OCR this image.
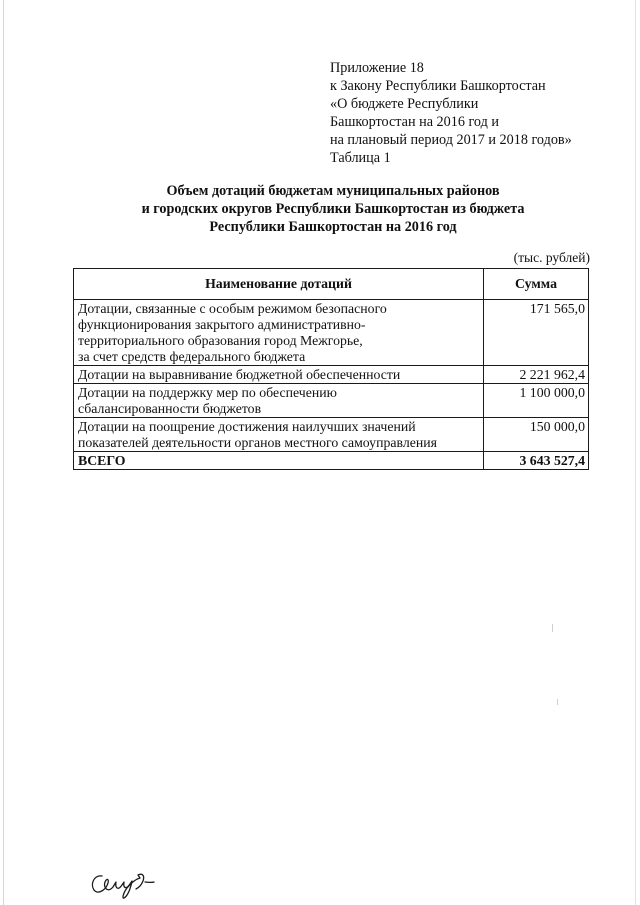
Приложение 18
к Закону Республики Башкортостан
«О бюджете Республики
Башкортостан на 2016 год и
на плановый период 2017 и 2018 годов»
Таблица 1
Объем дотаций бюджетам муниципальных районов
и городских округов Республики Башкортостан из бюджета
Республики Башкортостан на 2016 год
(тыс. рублей)
Наименование дотаций	Сумма

Дотации, связанные с особым режимом безопасного
функционирования закрытого административно-
территориального образования город Межгорье,
за счет средств федерального бюджета	171 565,0

Дотации на выравнивание бюджетной обеспеченности	2 221 962,4

Дотации на поддержку мер по обеспечению
сбалансированности бюджетов	1 100 000,0

Дотации на поощрение достижения наилучших значений
показателей деятельности органов местного самоуправления	150 000,0
ВСЕГО	3 643 527,4
